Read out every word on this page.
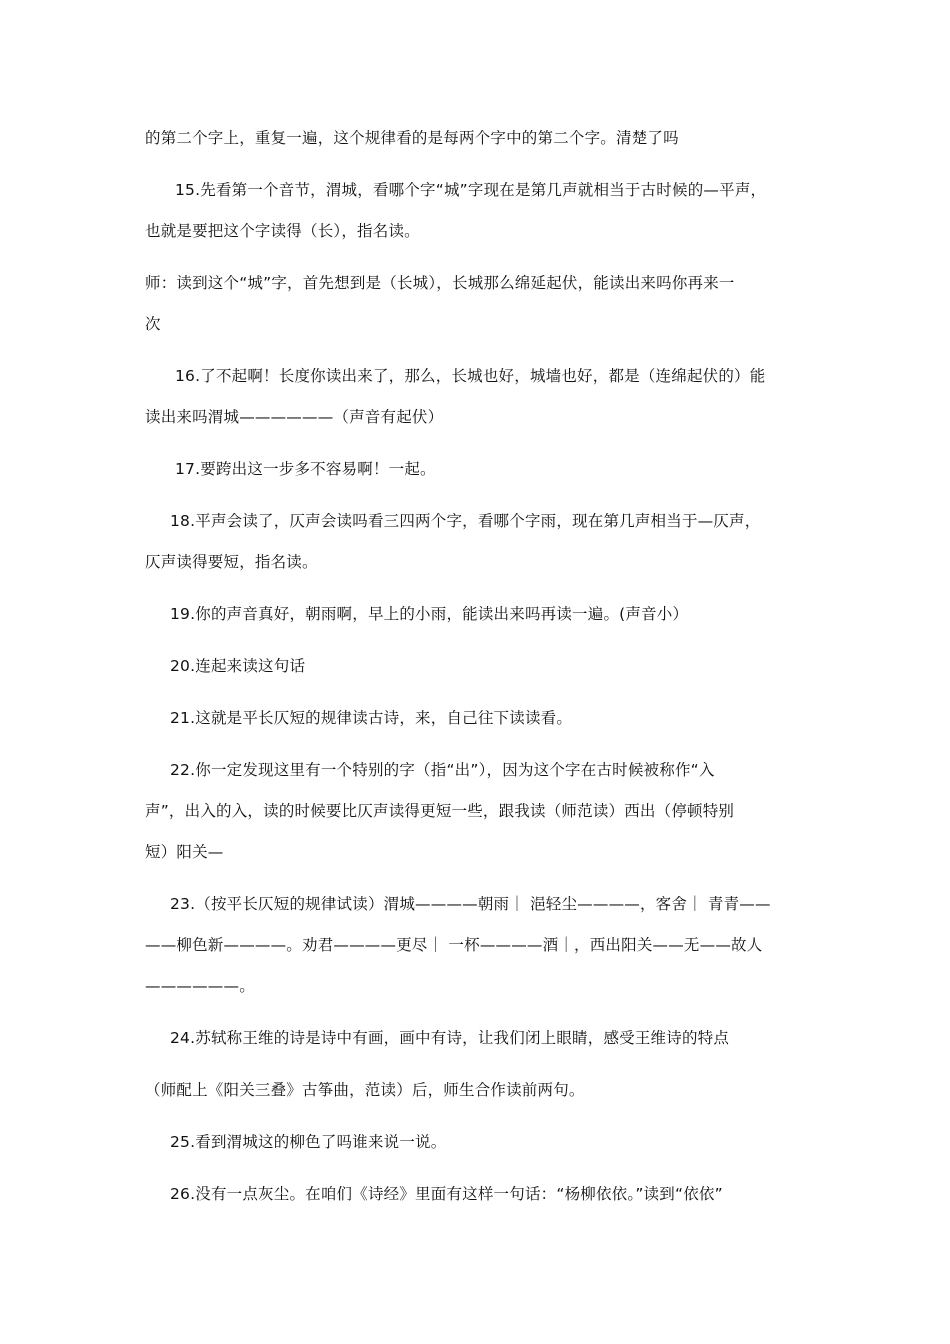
的第二个字上，重复一遍，这个规律看的是每两个字中的第二个字。清楚了吗
15.先看第一个音节，渭城，看哪个字“城”字现在是第几声就相当于古时候的—平声，
也就是要把这个字读得（长），指名读。
师：读到这个“城”字，首先想到是（长城），长城那么绵延起伏，能读出来吗你再来一
次
16.了不起啊！长度你读出来了，那么，长城也好，城墙也好，都是（连绵起伏的）能
读出来吗渭城——————（声音有起伏）
17.要跨出这一步多不容易啊！一起。
18.平声会读了，仄声会读吗看三四两个字，看哪个字雨，现在第几声相当于—仄声，
仄声读得要短，指名读。
19.你的声音真好，朝雨啊，早上的小雨，能读出来吗再读一遍。(声音小）
20.连起来读这句话
21.这就是平长仄短的规律读古诗，来，自己往下读读看。
22.你一定发现这里有一个特别的字（指“出”），因为这个字在古时候被称作“入
声”，出入的入，读的时候要比仄声读得更短一些，跟我读（师范读）西出（停顿特别
短）阳关—
23.（按平长仄短的规律试读）渭城————朝雨｜ 浥轻尘————，客舍｜ 青青——
——柳色新————。劝君————更尽｜ 一杯————酒｜，西出阳关——无——故人
——————。
24.苏轼称王维的诗是诗中有画，画中有诗，让我们闭上眼睛，感受王维诗的特点
（师配上《阳关三叠》古筝曲，范读）后，师生合作读前两句。
25.看到渭城这的柳色了吗谁来说一说。
26.没有一点灰尘。在咱们《诗经》里面有这样一句话：“杨柳依依。”读到“依依”
